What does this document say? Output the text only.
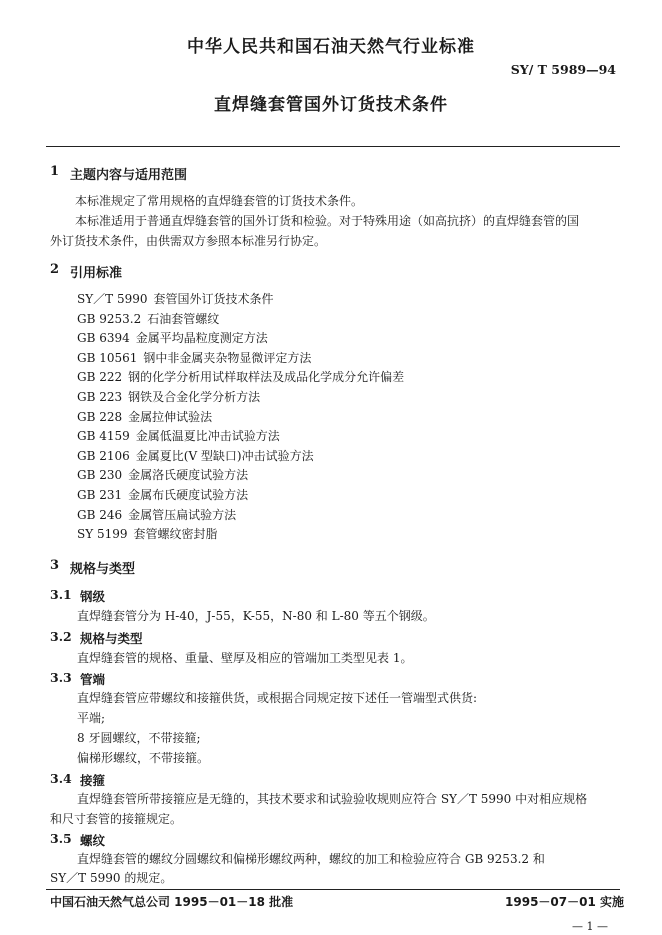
中华人民共和国石油天然气行业标准
SY/ T 5989—94
直焊缝套管国外订货技术条件
1 主题内容与适用范围
本标准规定了常用规格的直焊缝套管的订货技术条件。
本标准适用于普通直焊缝套管的国外订货和检验。对于特殊用途（如高抗挤）的直焊缝套管的国
外订货技术条件，由供需双方参照本标准另行协定。
2 引用标准
SY／T 5990 套管国外订货技术条件
GB 9253.2 石油套管螺纹
GB 6394 金属平均晶粒度测定方法
GB 10561 钢中非金属夹杂物显微评定方法
GB 222 钢的化学分析用试样取样法及成品化学成分允许偏差
GB 223 钢铁及合金化学分析方法
GB 228 金属拉伸试验法
GB 4159 金属低温夏比冲击试验方法
GB 2106 金属夏比(V 型缺口)冲击试验方法
GB 230 金属洛氏硬度试验方法
GB 231 金属布氏硬度试验方法
GB 246 金属管压扁试验方法
SY 5199 套管螺纹密封脂
3 规格与类型
3.1 钢级
直焊缝套管分为 H-40，J-55，K-55，N-80 和 L-80 等五个钢级。
3.2 规格与类型
直焊缝套管的规格、重量、壁厚及相应的管端加工类型见表 1。
3.3 管端
直焊缝套管应带螺纹和接箍供货，或根据合同规定按下述任一管端型式供货:
平端;
8 牙圆螺纹，不带接箍;
偏梯形螺纹，不带接箍。
3.4 接箍
直焊缝套管所带接箍应是无缝的，其技术要求和试验验收规则应符合 SY／T 5990 中对相应规格
和尺寸套管的接箍规定。
3.5 螺纹
直焊缝套管的螺纹分圆螺纹和偏梯形螺纹两种，螺纹的加工和检验应符合 GB 9253.2 和
SY／T 5990 的规定。
中国石油天然气总公司 1995－01－18 批准	1995－07－01 实施
— 1 —
